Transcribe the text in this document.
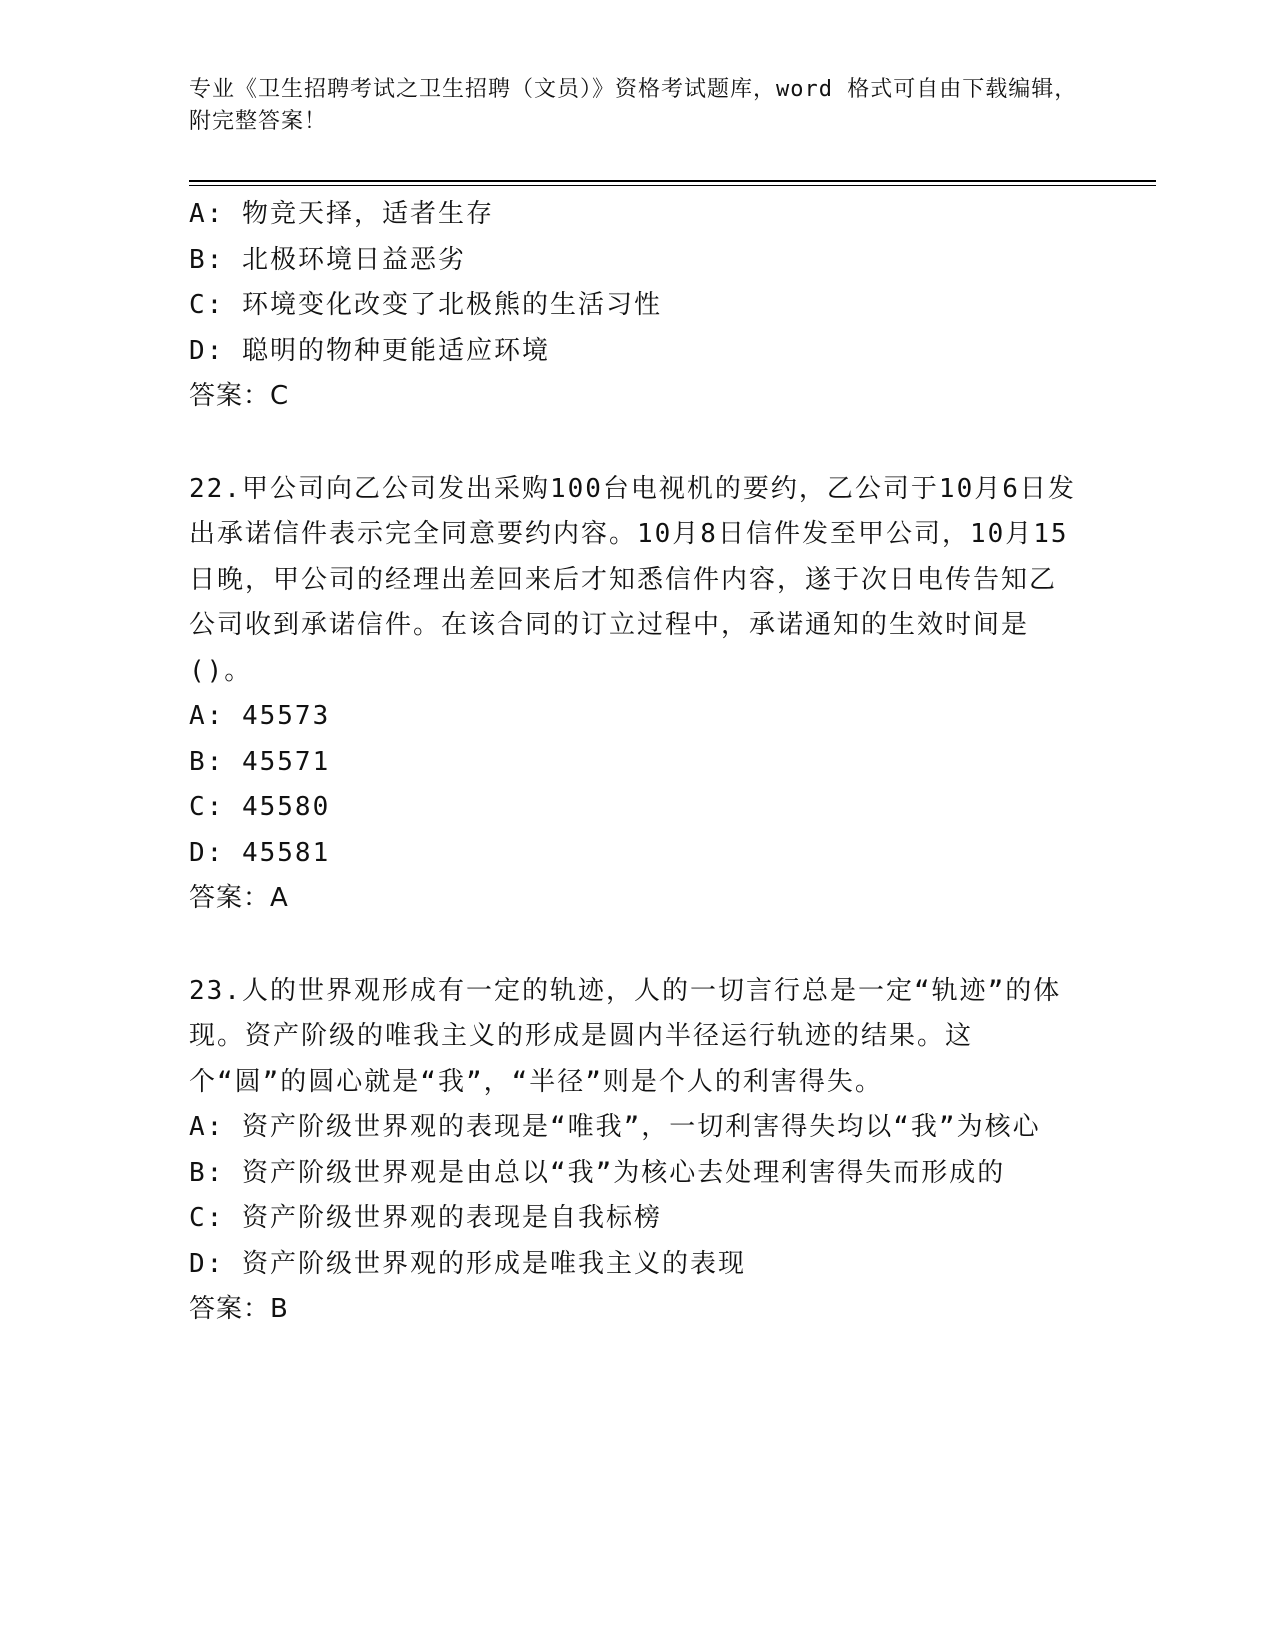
专业《卫生招聘考试之卫生招聘（文员）》资格考试题库，word 格式可自由下载编辑，附完整答案！
A: 物竞天择，适者生存
B: 北极环境日益恶劣
C: 环境变化改变了北极熊的生活习性
D: 聪明的物种更能适应环境
答案：C
22.甲公司向乙公司发出采购100台电视机的要约，乙公司于10月6日发出承诺信件表示完全同意要约内容。10月8日信件发至甲公司，10月15日晚，甲公司的经理出差回来后才知悉信件内容，遂于次日电传告知乙公司收到承诺信件。在该合同的订立过程中，承诺通知的生效时间是()。
A: 45573
B: 45571
C: 45580
D: 45581
答案：A
23.人的世界观形成有一定的轨迹，人的一切言行总是一定“轨迹”的体现。资产阶级的唯我主义的形成是圆内半径运行轨迹的结果。这个“圆”的圆心就是“我”，“半径”则是个人的利害得失。
A: 资产阶级世界观的表现是“唯我”，一切利害得失均以“我”为核心
B: 资产阶级世界观是由总以“我”为核心去处理利害得失而形成的
C: 资产阶级世界观的表现是自我标榜
D: 资产阶级世界观的形成是唯我主义的表现
答案：B
